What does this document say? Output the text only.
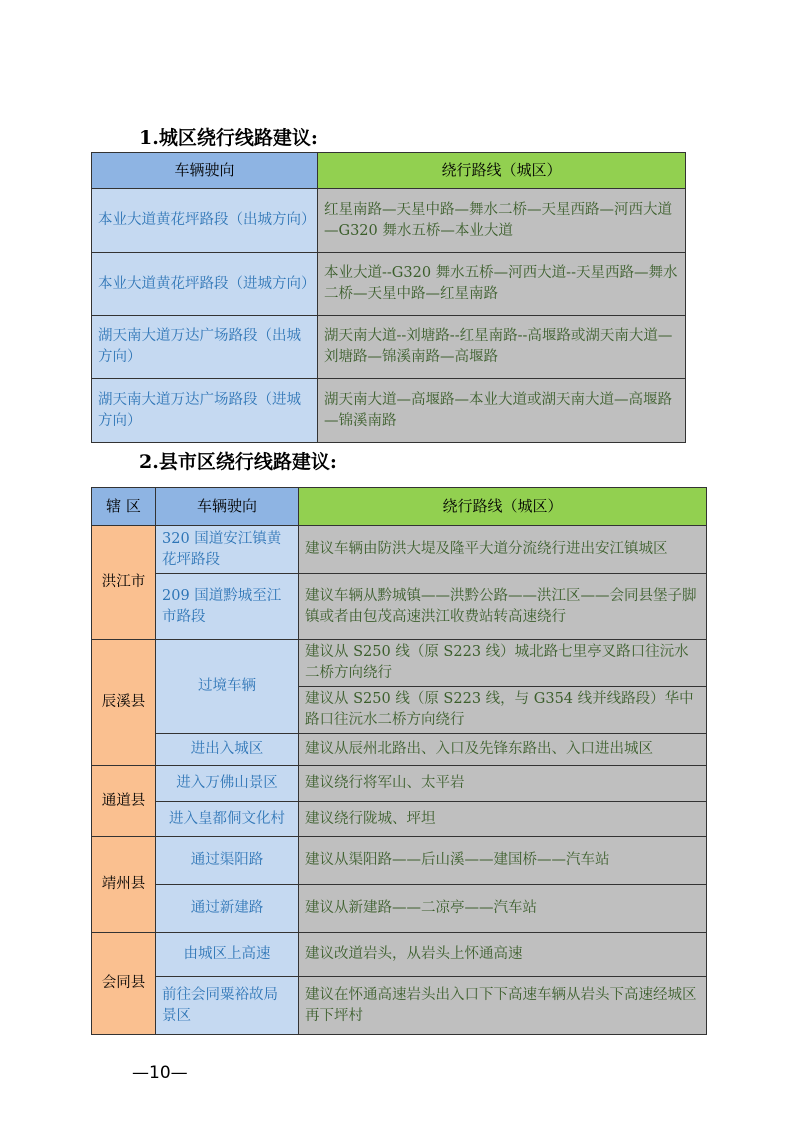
1.城区绕行线路建议:
车辆驶向	绕行路线（城区）
本业大道黄花坪路段（出城方向）	红星南路—天星中路—舞水二桥—天星西路—河西大道—G320 舞水五桥—本业大道
本业大道黄花坪路段（进城方向）	本业大道--G320 舞水五桥—河西大道--天星西路—舞水二桥—天星中路—红星南路
湖天南大道万达广场路段（出城方向）	湖天南大道--刘塘路--红星南路--高堰路或湖天南大道—刘塘路—锦溪南路—高堰路
湖天南大道万达广场路段（进城方向）	湖天南大道—高堰路—本业大道或湖天南大道—高堰路—锦溪南路
2.县市区绕行线路建议:
辖 区	车辆驶向	绕行路线（城区）
洪江市	320 国道安江镇黄花坪路段	建议车辆由防洪大堤及隆平大道分流绕行进出安江镇城区
	209 国道黔城至江市路段	建议车辆从黔城镇——洪黔公路——洪江区——会同县堡子脚镇或者由包茂高速洪江收费站转高速绕行
辰溪县	过境车辆	建议从 S250 线（原 S223 线）城北路七里亭叉路口往沅水二桥方向绕行
		建议从 S250 线（原 S223 线，与 G354 线并线路段）华中路口往沅水二桥方向绕行
	进出入城区	建议从辰州北路出、入口及先锋东路出、入口进出城区
通道县	进入万佛山景区	建议绕行将军山、太平岩
	进入皇都侗文化村	建议绕行陇城、坪坦
靖州县	通过渠阳路	建议从渠阳路——后山溪——建国桥——汽车站
	通过新建路	建议从新建路——二凉亭——汽车站
会同县	由城区上高速	建议改道岩头，从岩头上怀通高速
	前往会同粟裕故局景区	建议在怀通高速岩头出入口下下高速车辆从岩头下高速经城区再下坪村
—10—
